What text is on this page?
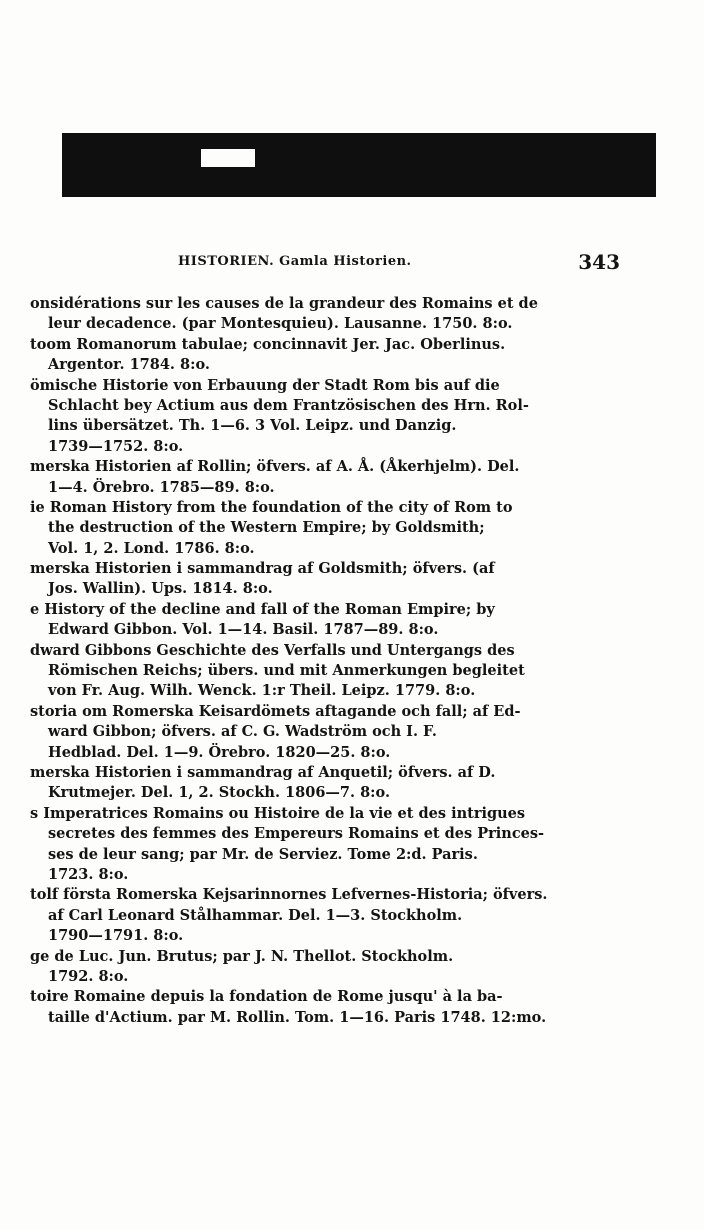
HISTORIEN. Gamla Historien.	343
onsidérations sur les causes de la grandeur des Romains et de
leur decadence. (par Montesquieu). Lausanne. 1750. 8:o.
toom Romanorum tabulae; concinnavit Jer. Jac. Oberlinus.
Argentor. 1784. 8:o.
ömische Historie von Erbauung der Stadt Rom bis auf die
Schlacht bey Actium aus dem Frantzösischen des Hrn. Rol-
lins übersätzet. Th. 1—6. 3 Vol. Leipz. und Danzig.
1739—1752. 8:o.
merska Historien af Rollin; öfvers. af A. Å. (Åkerhjelm). Del.
1—4. Örebro. 1785—89. 8:o.
ie Roman History from the foundation of the city of Rom to
the destruction of the Western Empire; by Goldsmith;
Vol. 1, 2. Lond. 1786. 8:o.
merska Historien i sammandrag af Goldsmith; öfvers. (af
Jos. Wallin). Ups. 1814. 8:o.
e History of the decline and fall of the Roman Empire; by
Edward Gibbon. Vol. 1—14. Basil. 1787—89. 8:o.
dward Gibbons Geschichte des Verfalls und Untergangs des
Römischen Reichs; übers. und mit Anmerkungen begleitet
von Fr. Aug. Wilh. Wenck. 1:r Theil. Leipz. 1779. 8:o.
storia om Romerska Keisardömets aftagande och fall; af Ed-
ward Gibbon; öfvers. af C. G. Wadström och I. F.
Hedblad. Del. 1—9. Örebro. 1820—25. 8:o.
merska Historien i sammandrag af Anquetil; öfvers. af D.
Krutmejer. Del. 1, 2. Stockh. 1806—7. 8:o.
s Imperatrices Romains ou Histoire de la vie et des intrigues
secretes des femmes des Empereurs Romains et des Princes-
ses de leur sang; par Mr. de Serviez. Tome 2:d. Paris.
1723. 8:o.
tolf första Romerska Kejsarinnornes Lefvernes-Historia; öfvers.
af Carl Leonard Stålhammar. Del. 1—3. Stockholm.
1790—1791. 8:o.
ge de Luc. Jun. Brutus; par J. N. Thellot. Stockholm.
1792. 8:o.
toire Romaine depuis la fondation de Rome jusqu' à la ba-
taille d'Actium. par M. Rollin. Tom. 1—16. Paris 1748. 12:mo.
